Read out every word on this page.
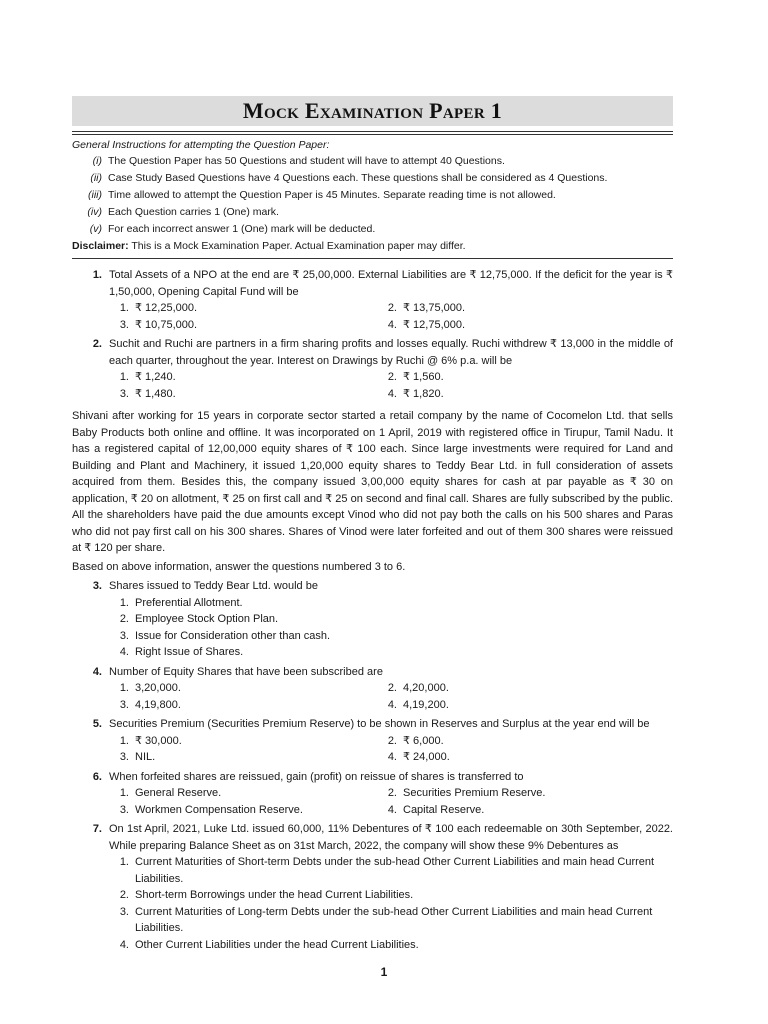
Mock Examination Paper 1
General Instructions for attempting the Question Paper:
(i) The Question Paper has 50 Questions and student will have to attempt 40 Questions.
(ii) Case Study Based Questions have 4 Questions each. These questions shall be considered as 4 Questions.
(iii) Time allowed to attempt the Question Paper is 45 Minutes. Separate reading time is not allowed.
(iv) Each Question carries 1 (One) mark.
(v) For each incorrect answer 1 (One) mark will be deducted.
Disclaimer: This is a Mock Examination Paper. Actual Examination paper may differ.
1. Total Assets of a NPO at the end are ₹ 25,00,000. External Liabilities are ₹ 12,75,000. If the deficit for the year is ₹ 1,50,000, Opening Capital Fund will be
1. ₹ 12,25,000.	2. ₹ 13,75,000.
3. ₹ 10,75,000.	4. ₹ 12,75,000.
2. Suchit and Ruchi are partners in a firm sharing profits and losses equally. Ruchi withdrew ₹ 13,000 in the middle of each quarter, throughout the year. Interest on Drawings by Ruchi @ 6% p.a. will be
1. ₹ 1,240.	2. ₹ 1,560.
3. ₹ 1,480.	4. ₹ 1,820.
Shivani after working for 15 years in corporate sector started a retail company by the name of Cocomelon Ltd. that sells Baby Products both online and offline. It was incorporated on 1 April, 2019 with registered office in Tirupur, Tamil Nadu. It has a registered capital of 12,00,000 equity shares of ₹ 100 each. Since large investments were required for Land and Building and Plant and Machinery, it issued 1,20,000 equity shares to Teddy Bear Ltd. in full consideration of assets acquired from them. Besides this, the company issued 3,00,000 equity shares for cash at par payable as ₹ 30 on application, ₹ 20 on allotment, ₹ 25 on first call and ₹ 25 on second and final call. Shares are fully subscribed by the public. All the shareholders have paid the due amounts except Vinod who did not pay both the calls on his 500 shares and Paras who did not pay first call on his 300 shares. Shares of Vinod were later forfeited and out of them 300 shares were reissued at ₹ 120 per share.
Based on above information, answer the questions numbered 3 to 6.
3. Shares issued to Teddy Bear Ltd. would be
1. Preferential Allotment.
2. Employee Stock Option Plan.
3. Issue for Consideration other than cash.
4. Right Issue of Shares.
4. Number of Equity Shares that have been subscribed are
1. 3,20,000.	2. 4,20,000.
3. 4,19,800.	4. 4,19,200.
5. Securities Premium (Securities Premium Reserve) to be shown in Reserves and Surplus at the year end will be
1. ₹ 30,000.	2. ₹ 6,000.
3. NIL.	4. ₹ 24,000.
6. When forfeited shares are reissued, gain (profit) on reissue of shares is transferred to
1. General Reserve.	2. Securities Premium Reserve.
3. Workmen Compensation Reserve.	4. Capital Reserve.
7. On 1st April, 2021, Luke Ltd. issued 60,000, 11% Debentures of ₹ 100 each redeemable on 30th September, 2022. While preparing Balance Sheet as on 31st March, 2022, the company will show these 9% Debentures as
1. Current Maturities of Short-term Debts under the sub-head Other Current Liabilities and main head Current Liabilities.
2. Short-term Borrowings under the head Current Liabilities.
3. Current Maturities of Long-term Debts under the sub-head Other Current Liabilities and main head Current Liabilities.
4. Other Current Liabilities under the head Current Liabilities.
1
